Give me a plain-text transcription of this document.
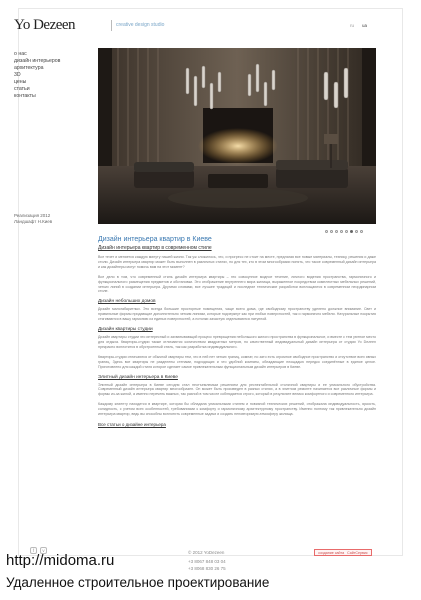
Yo Dezeen	creative design studio	ru ua
о нас
дизайн интерьеров
архитектура
3D
цены
статьи
контакты
Реализация 2012
Ландшафт Н.Киев
Дизайн интерьера квартир в Киеве
Дизайн интерьера квартир в современном стиле

Все течет и меняется каждую минуту нашей жизни. Так уж сложилось, что, и прогресс не стоит на месте, предлагая все новые материалы, технику, решения и даже стили. Дизайн интерьера квартир может быть выполнен в различных стилях, но для тех, кто в этом многообразии понять, что такое современный дизайн интерьера и как дизайнеры могут помочь вам на этот момент?

Все дело в том, что современный стиль дизайн интерьера квартиры – это совокупное модное течение, личного видения пространства, гармоничного и функционального размещения предметов и обстановки. Это отображение внутреннего мира жилища, выраженное посредством комплектных мебельных решений, четких линий в создании интерьера. Другими словами, все лучшее традиций и последние технические разработки воплощаются в современном неординарном стиле.

Дизайн небольших домов

Дизайн малогабаритных. Это всегда большие просторные помещения, чаще всего дома, где свободному пространству уделено должное внимание. Свет и правильные формы придающие дополнительно четким линиям, которые подчеркнут как при любых поверхностей, так и гармонично мебели. Натуральные покрытия стягиваются в вашу гармонию из единых поверхностей, а потолки зачастую отделываются латунной.

Дизайн квартиры студии

Дизайн квартиры студии это интересный и захватывающий процесс превращения небольшого жилого пространства в функциональное, и вместе с тем уютное место для отдыха. Квартиры-студии также отличаются количеством квадратных метров, но качественный индивидуальный дизайн интерьера от студии Yo Dezeen прекрасно воплотится в обустроенный стиль, так как разработка индивидуального.

Квартиры-студии отличаются от обычной квартиры тем, что в ней нет четких границ, комнат, но зато есть огромное свободное пространство и отсутствие всех явных границ. Здесь все квартиры не разделены стенами, подходящих и что удобной комнаты, обладающие площадью нередко соединённые в единое целое. Приготовлено для каждой стиля которое сделает самое привлекательным функциональным дизайн интерьеров в Киеве.

Элитный дизайн интерьера в Киеве

Элитный дизайн интерьера в Киеве сегодня стал неотъемлемым решением для респектабельной столичной квартиры и ее уникального обустройства. Современный дизайн интерьера квартир многообразен. Он может быть произведен в разных стилях, а в элитном ремонте начинается все различные формы и формы из-за жилой, а именно перечень важных, так разной в том числе соблюдается строго, который в результате велико комфортного и современного интерьера.

Каждому клиенту находится в квартире, которая бы обладала уникальными стилем и новизной технических решений, отображала индивидуальность, яркость, солидность, с учетом всех особенностей, требованиями к комфорту и гармоничному архитектурному пространству. Именно поэтому так привлекательно дизайн интерьера квартир, ведь вы способны воплотить современные задачи и создать неповторимую атмосферу жилища.

Все статьи о дизайне интерьера
f	v	© 2012 YoDezeen
+3 8067 848 03 04
+3 8068 830 26 75
создание сайта СайтСервис
http://midoma.ru
Удаленное строительное проектирование
